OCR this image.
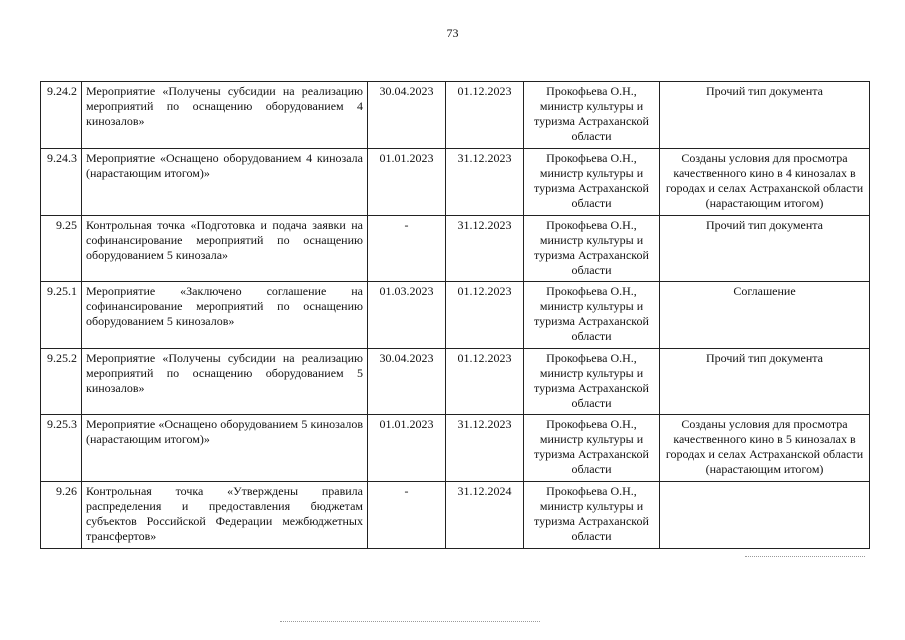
73
9.24.2	Мероприятие «Получены субсидии на реализацию мероприятий по оснащению оборудованием 4 кинозалов»	30.04.2023	01.12.2023	Прокофьева О.Н., министр культуры и туризма Астраханской области	Прочий тип документа
9.24.3	Мероприятие «Оснащено оборудованием 4 кинозала (нарастающим итогом)»	01.01.2023	31.12.2023	Прокофьева О.Н., министр культуры и туризма Астраханской области	Созданы условия для просмотра качественного кино в 4 кинозалах в городах и селах Астраханской области (нарастающим итогом)
9.25	Контрольная точка «Подготовка и подача заявки на софинансирование мероприятий по оснащению оборудованием 5 кинозала»	-	31.12.2023	Прокофьева О.Н., министр культуры и туризма Астраханской области	Прочий тип документа
9.25.1	Мероприятие «Заключено соглашение на софинансирование мероприятий по оснащению оборудованием 5 кинозалов»	01.03.2023	01.12.2023	Прокофьева О.Н., министр культуры и туризма Астраханской области	Соглашение
9.25.2	Мероприятие «Получены субсидии на реализацию мероприятий по оснащению оборудованием 5 кинозалов»	30.04.2023	01.12.2023	Прокофьева О.Н., министр культуры и туризма Астраханской области	Прочий тип документа
9.25.3	Мероприятие «Оснащено оборудованием 5 кинозалов (нарастающим итогом)»	01.01.2023	31.12.2023	Прокофьева О.Н., министр культуры и туризма Астраханской области	Созданы условия для просмотра качественного кино в 5 кинозалах в городах и селах Астраханской области (нарастающим итогом)
9.26	Контрольная точка «Утверждены правила распределения и предоставления бюджетам субъектов Российской Федерации межбюджетных трансфертов»	-	31.12.2024	Прокофьева О.Н., министр культуры и туризма Астраханской области	
